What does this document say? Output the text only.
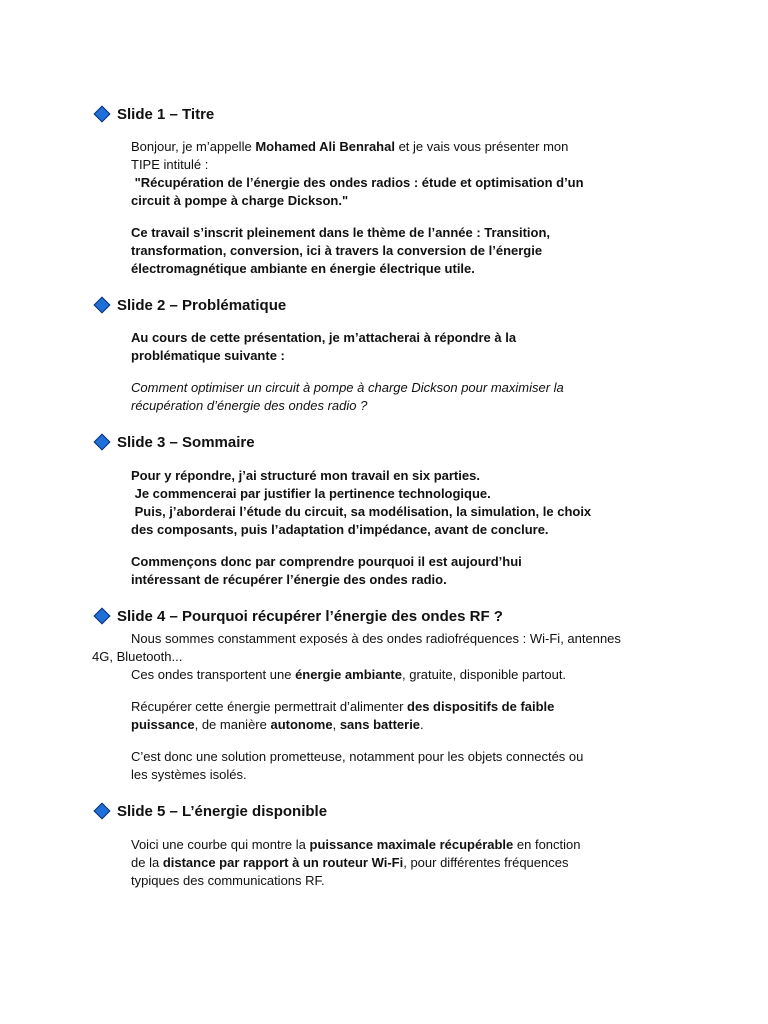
Slide 1 – Titre
Bonjour, je m’appelle Mohamed Ali Benrahal et je vais vous présenter mon
TIPE intitulé :
"Récupération de l’énergie des ondes radios : étude et optimisation d’un
circuit à pompe à charge Dickson."
Ce travail s’inscrit pleinement dans le thème de l’année : Transition,
transformation, conversion, ici à travers la conversion de l’énergie
électromagnétique ambiante en énergie électrique utile.
Slide 2 – Problématique
Au cours de cette présentation, je m’attacherai à répondre à la
problématique suivante :
Comment optimiser un circuit à pompe à charge Dickson pour maximiser la
récupération d’énergie des ondes radio ?
Slide 3 – Sommaire
Pour y répondre, j’ai structuré mon travail en six parties.
Je commencerai par justifier la pertinence technologique.
Puis, j’aborderai l’étude du circuit, sa modélisation, la simulation, le choix
des composants, puis l’adaptation d’impédance, avant de conclure.
Commençons donc par comprendre pourquoi il est aujourd’hui
intéressant de récupérer l’énergie des ondes radio.
Slide 4 – Pourquoi récupérer l’énergie des ondes RF ?
Nous sommes constamment exposés à des ondes radiofréquences : Wi-Fi, antennes
4G, Bluetooth...
Ces ondes transportent une énergie ambiante, gratuite, disponible partout.
Récupérer cette énergie permettrait d’alimenter des dispositifs de faible
puissance, de manière autonome, sans batterie.
C’est donc une solution prometteuse, notamment pour les objets connectés ou
les systèmes isolés.
Slide 5 – L’énergie disponible
Voici une courbe qui montre la puissance maximale récupérable en fonction
de la distance par rapport à un routeur Wi-Fi, pour différentes fréquences
typiques des communications RF.
